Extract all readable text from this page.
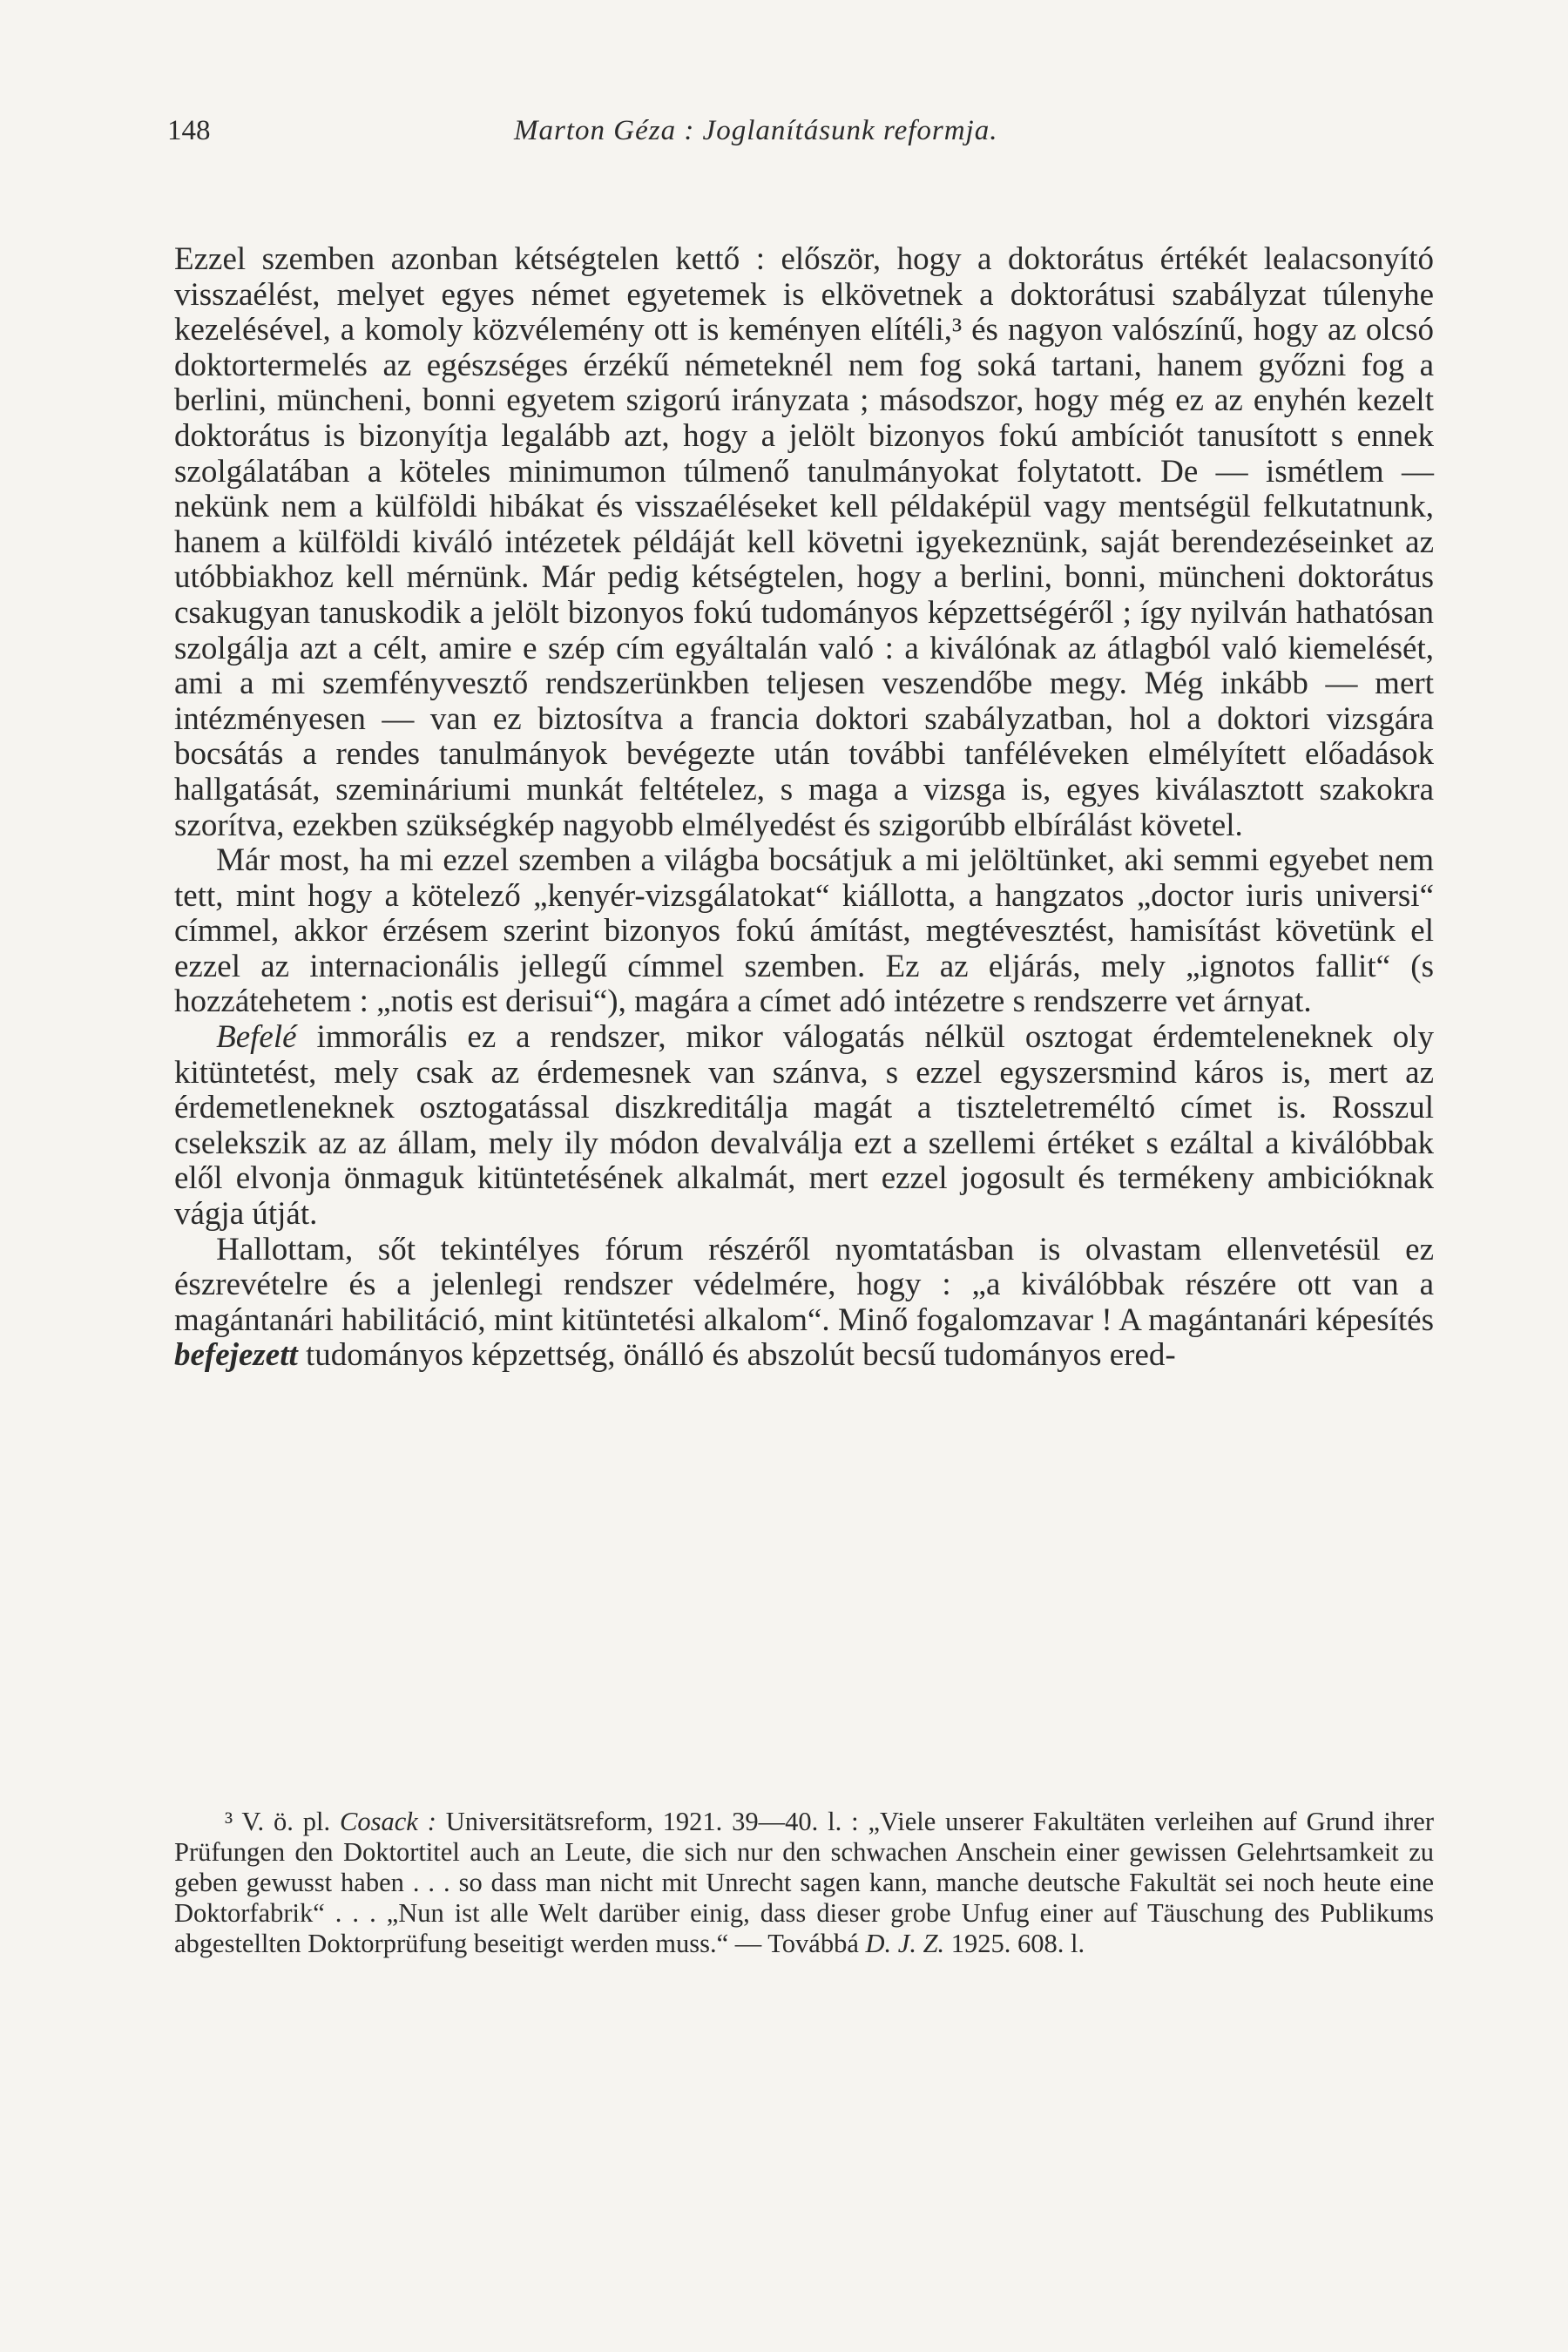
148	Marton Géza : Joglanításunk reformja.

Ezzel szemben azonban kétségtelen kettő : először, hogy a doktorátus értékét lealacsonyító visszaélést, melyet egyes német egyetemek is elkövetnek a doktorátusi szabályzat túlenyhe kezelésével, a komoly közvélemény ott is keményen elítéli,³ és nagyon valószínű, hogy az olcsó doktortermelés az egészséges érzékű németeknél nem fog soká tartani, hanem győzni fog a berlini, müncheni, bonni egyetem szigorú irányzata ; másodszor, hogy még ez az enyhén kezelt doktorátus is bizonyítja legalább azt, hogy a jelölt bizonyos fokú ambíciót tanusított s ennek szolgálatában a köteles minimumon túlmenő tanulmányokat folytatott. De — ismétlem — nekünk nem a külföldi hibákat és visszaéléseket kell példaképül vagy mentségül felkutatnunk, hanem a külföldi kiváló intézetek példáját kell követni igyekeznünk, saját berendezéseinket az utóbbiakhoz kell mérnünk. Már pedig kétségtelen, hogy a berlini, bonni, müncheni doktorátus csakugyan tanuskodik a jelölt bizonyos fokú tudományos képzettségéről ; így nyilván hathatósan szolgálja azt a célt, amire e szép cím egyáltalán való : a kiválónak az átlagból való kiemelését, ami a mi szemfényvesztő rendszerünkben teljesen veszendőbe megy. Még inkább — mert intézményesen — van ez biztosítva a francia doktori szabályzatban, hol a doktori vizsgára bocsátás a rendes tanulmányok bevégezte után további tanféléveken elmélyített előadások hallgatását, szemináriumi munkát feltételez, s maga a vizsga is, egyes kiválasztott szakokra szorítva, ezekben szükségkép nagyobb elmélyedést és szigorúbb elbírálást követel.

Már most, ha mi ezzel szemben a világba bocsátjuk a mi jelöltünket, aki semmi egyebet nem tett, mint hogy a kötelező „kenyér-vizsgálatokat“ kiállotta, a hangzatos „doctor iuris universi“ címmel, akkor érzésem szerint bizonyos fokú ámítást, megtévesztést, hamisítást követünk el ezzel az internacionális jellegű címmel szemben. Ez az eljárás, mely „ignotos fallit“ (s hozzátehetem : „notis est derisui“), magára a címet adó intézetre s rendszerre vet árnyat.

Befelé immorális ez a rendszer, mikor válogatás nélkül osztogat érdemteleneknek oly kitüntetést, mely csak az érdemesnek van szánva, s ezzel egyszersmind káros is, mert az érdemetleneknek osztogatással diszkreditálja magát a tiszteletreméltó címet is. Rosszul cselekszik az az állam, mely ily módon devalválja ezt a szellemi értéket s ezáltal a kiválóbbak elől elvonja önmaguk kitüntetésének alkalmát, mert ezzel jogosult és termékeny ambicióknak vágja útját.

Hallottam, sőt tekintélyes fórum részéről nyomtatásban is olvastam ellenvetésül ez észrevételre és a jelenlegi rendszer védelmére, hogy : „a kiválóbbak részére ott van a magántanári habilitáció, mint kitüntetési alkalom“. Minő fogalomzavar ! A magántanári képesítés befejezett tudományos képzettség, önálló és abszolút becsű tudományos ered-

³ V. ö. pl. Cosack : Universitätsreform, 1921. 39—40. l. : „Viele unserer Fakultäten verleihen auf Grund ihrer Prüfungen den Doktortitel auch an Leute, die sich nur den schwachen Anschein einer gewissen Gelehrtsamkeit zu geben gewusst haben . . . so dass man nicht mit Unrecht sagen kann, manche deutsche Fakultät sei noch heute eine Doktorfabrik“ . . . „Nun ist alle Welt darüber einig, dass dieser grobe Unfug einer auf Täuschung des Publikums abgestellten Doktorprüfung beseitigt werden muss.“ — Továbbá D. J. Z. 1925. 608. l.
